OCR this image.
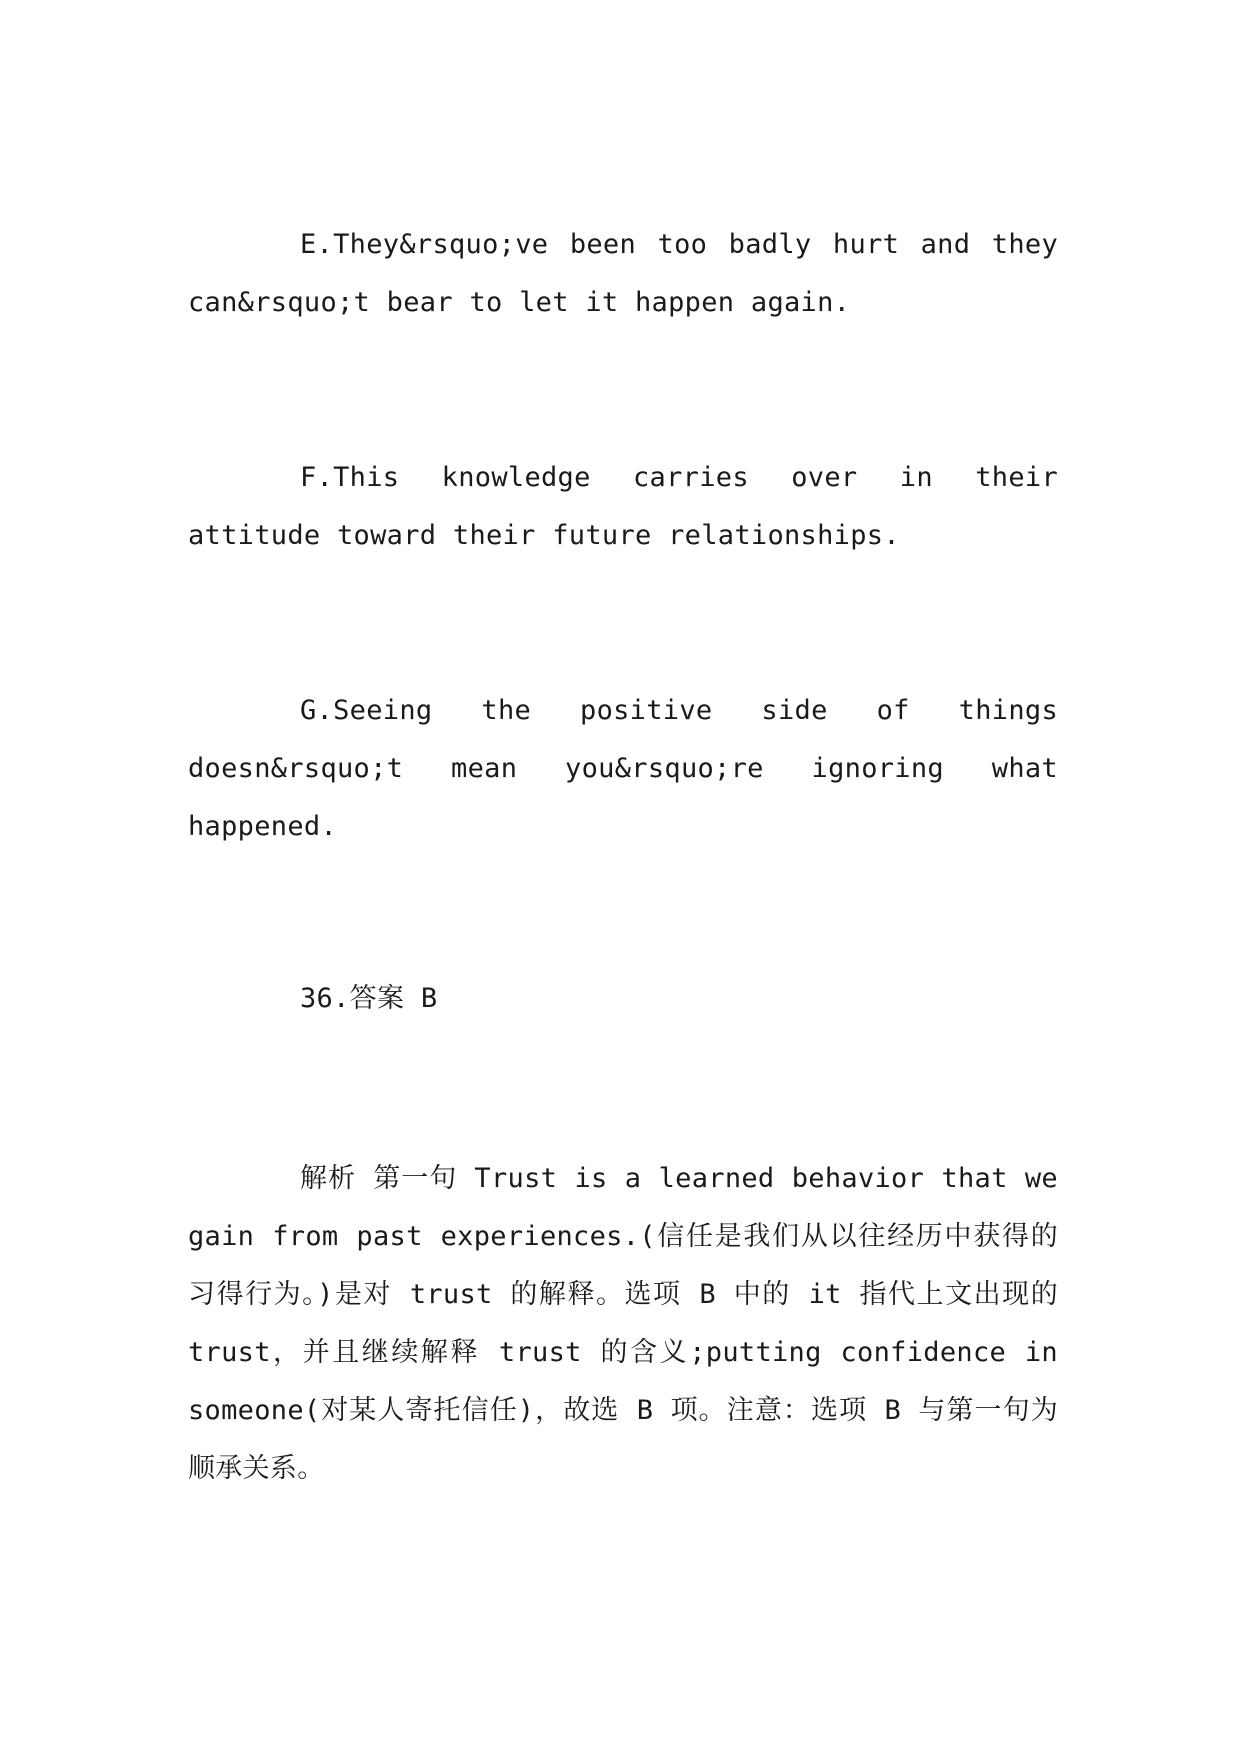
E.They&rsquo;ve been too badly hurt and they can&rsquo;t bear to let it happen again.

F.This knowledge carries over in their attitude toward their future relationships.

G.Seeing the positive side of things doesn&rsquo;t mean you&rsquo;re ignoring what happened.

36.答案 B

解析 第一句 Trust is a learned behavior that we gain from past experiences.(信任是我们从以往经历中获得的习得行为。)是对 trust 的解释。选项 B 中的 it 指代上文出现的 trust，并且继续解释 trust 的含义;putting confidence in someone(对某人寄托信任)，故选 B 项。注意：选项 B 与第一句为顺承关系。
